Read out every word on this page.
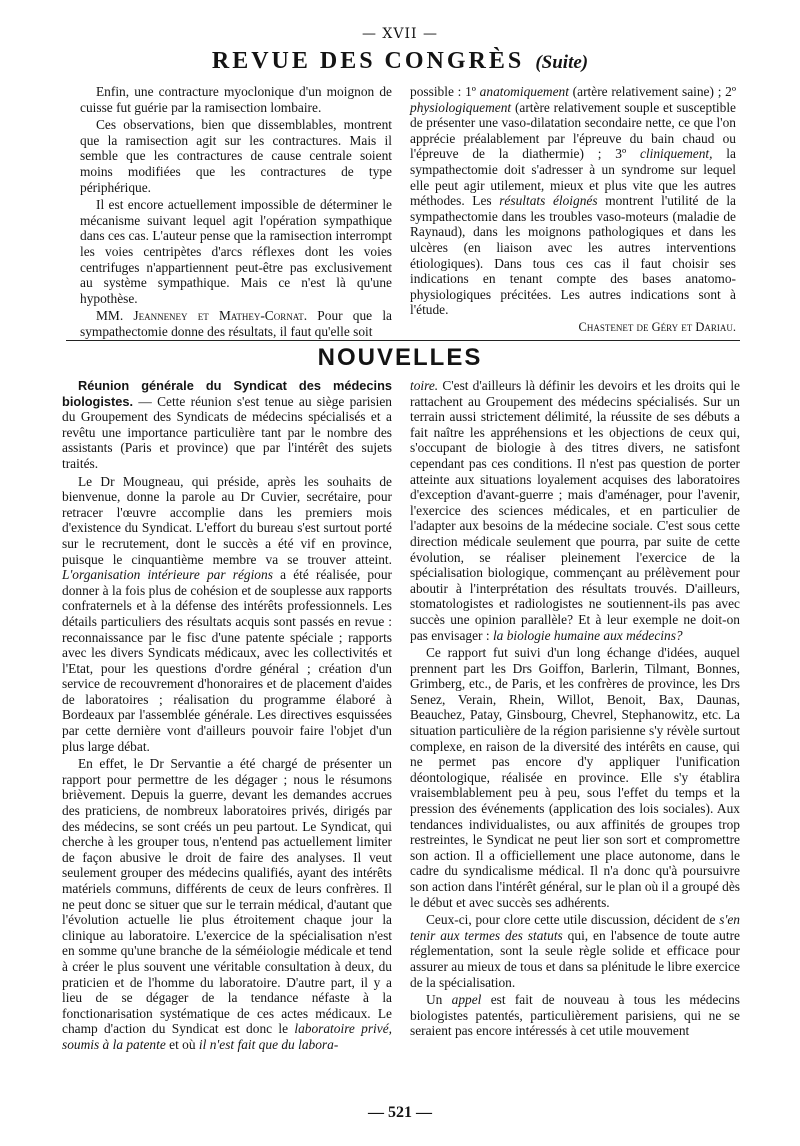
— XVII —
REVUE DES CONGRÈS (Suite)

Enfin, une contracture myoclonique d'un moignon de cuisse fut guérie par la ramisection lombaire.

Ces observations, bien que dissemblables, montrent que la ramisection agit sur les contractures. Mais il semble que les contractures de cause centrale soient moins modifiées que les contractures de type périphérique.

Il est encore actuellement impossible de déterminer le mécanisme suivant lequel agit l'opération sympathique dans ces cas. L'auteur pense que la ramisection interrompt les voies centripètes d'arcs réflexes dont les voies centrifuges n'appartiennent peut-être pas exclusivement au système sympathique. Mais ce n'est là qu'une hypothèse.

MM. Jeanneney et Mathey-Cornat. Pour que la sympathectomie donne des résultats, il faut qu'elle soit

possible : 1º anatomiquement (artère relativement saine) ; 2º physiologiquement (artère relativement souple et susceptible de présenter une vaso-dilatation secondaire nette, ce que l'on apprécie préalablement par l'épreuve du bain chaud ou l'épreuve de la diathermie) ; 3º cliniquement, la sympathectomie doit s'adresser à un syndrome sur lequel elle peut agir utilement, mieux et plus vite que les autres méthodes. Les résultats éloignés montrent l'utilité de la sympathectomie dans les troubles vaso-moteurs (maladie de Raynaud), dans les moignons pathologiques et dans les ulcères (en liaison avec les autres interventions étiologiques). Dans tous ces cas il faut choisir ses indications en tenant compte des bases anatomo-physiologiques précitées. Les autres indications sont à l'étude.

Chastenet de Géry et Dariau.
NOUVELLES

Réunion générale du Syndicat des médecins biologistes. — Cette réunion s'est tenue au siège parisien du Groupement des Syndicats de médecins spécialisés et a revêtu une importance particulière tant par le nombre des assistants (Paris et province) que par l'intérêt des sujets traités.

Le Dr Mougneau, qui préside, après les souhaits de bienvenue, donne la parole au Dr Cuvier, secrétaire, pour retracer l'œuvre accomplie dans les premiers mois d'existence du Syndicat. L'effort du bureau s'est surtout porté sur le recrutement, dont le succès a été vif en province, puisque le cinquantième membre va se trouver atteint. L'organisation intérieure par régions a été réalisée, pour donner à la fois plus de cohésion et de souplesse aux rapports confraternels et à la défense des intérêts professionnels. Les détails particuliers des résultats acquis sont passés en revue : reconnaissance par le fisc d'une patente spéciale ; rapports avec les divers Syndicats médicaux, avec les collectivités et l'Etat, pour les questions d'ordre général ; création d'un service de recouvrement d'honoraires et de placement d'aides de laboratoires ; réalisation du programme élaboré à Bordeaux par l'assemblée générale. Les directives esquissées par cette dernière vont d'ailleurs pouvoir faire l'objet d'un plus large débat.

En effet, le Dr Servantie a été chargé de présenter un rapport pour permettre de les dégager ; nous le résumons brièvement. Depuis la guerre, devant les demandes accrues des praticiens, de nombreux laboratoires privés, dirigés par des médecins, se sont créés un peu partout. Le Syndicat, qui cherche à les grouper tous, n'entend pas actuellement limiter de façon abusive le droit de faire des analyses. Il veut seulement grouper des médecins qualifiés, ayant des intérêts matériels communs, différents de ceux de leurs confrères. Il ne peut donc se situer que sur le terrain médical, d'autant que l'évolution actuelle lie plus étroitement chaque jour la clinique au laboratoire. L'exercice de la spécialisation n'est en somme qu'une branche de la séméiologie médicale et tend à créer le plus souvent une véritable consultation à deux, du praticien et de l'homme du laboratoire. D'autre part, il y a lieu de se dégager de la tendance néfaste à la fonctionarisation systématique de ces actes médicaux. Le champ d'action du Syndicat est donc le laboratoire privé, soumis à la patente et où il n'est fait que du labora-

toire. C'est d'ailleurs là définir les devoirs et les droits qui le rattachent au Groupement des médecins spécialisés. Sur un terrain aussi strictement délimité, la réussite de ses débuts a fait naître les appréhensions et les objections de ceux qui, s'occupant de biologie à des titres divers, ne satisfont cependant pas ces conditions. Il n'est pas question de porter atteinte aux situations loyalement acquises des laboratoires d'exception d'avant-guerre ; mais d'aménager, pour l'avenir, l'exercice des sciences médicales, et en particulier de l'adapter aux besoins de la médecine sociale. C'est sous cette direction médicale seulement que pourra, par suite de cette évolution, se réaliser pleinement l'exercice de la spécialisation biologique, commençant au prélèvement pour aboutir à l'interprétation des résultats trouvés. D'ailleurs, stomatologistes et radiologistes ne soutiennent-ils pas avec succès une opinion parallèle? Et à leur exemple ne doit-on pas envisager : la biologie humaine aux médecins?

Ce rapport fut suivi d'un long échange d'idées, auquel prennent part les Drs Goiffon, Barlerin, Tilmant, Bonnes, Grimberg, etc., de Paris, et les confrères de province, les Drs Senez, Verain, Rhein, Willot, Benoit, Bax, Daunas, Beauchez, Patay, Ginsbourg, Chevrel, Stephanowitz, etc. La situation particulière de la région parisienne s'y révèle surtout complexe, en raison de la diversité des intérêts en cause, qui ne permet pas encore d'y appliquer l'unification déontologique, réalisée en province. Elle s'y établira vraisemblablement peu à peu, sous l'effet du temps et la pression des événements (application des lois sociales). Aux tendances individualistes, ou aux affinités de groupes trop restreintes, le Syndicat ne peut lier son sort et compromettre son action. Il a officiellement une place autonome, dans le cadre du syndicalisme médical. Il n'a donc qu'à poursuivre son action dans l'intérêt général, sur le plan où il a groupé dès le début et avec succès ses adhérents.

Ceux-ci, pour clore cette utile discussion, décident de s'en tenir aux termes des statuts qui, en l'absence de toute autre réglementation, sont la seule règle solide et efficace pour assurer au mieux de tous et dans sa plénitude le libre exercice de la spécialisation.

Un appel est fait de nouveau à tous les médecins biologistes patentés, particulièrement parisiens, qui ne se seraient pas encore intéressés à cet utile mouvement

— 521 —
